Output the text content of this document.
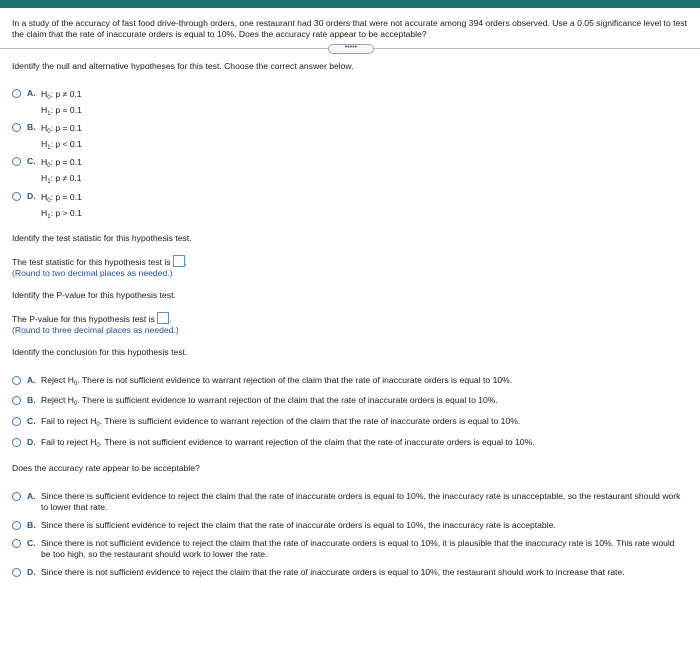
In a study of the accuracy of fast food drive-through orders, one restaurant had 30 orders that were not accurate among 394 orders observed. Use a 0.05 significance level to test the claim that the rate of inaccurate orders is equal to 10%. Does the accuracy rate appear to be acceptable?
•••••
Identify the null and alternative hypotheses for this test. Choose the correct answer below.
A. $H_0$: p ≠ 0.1
$H_1$: p = 0.1
B. $H_0$: p = 0.1
$H_1$: p < 0.1
C. $H_0$: p = 0.1
$H_1$: p ≠ 0.1
D. $H_0$: p = 0.1
$H_1$: p > 0.1
Identify the test statistic for this hypothesis test.
The test statistic for this hypothesis test is .
(Round to two decimal places as needed.)
Identify the P-value for this hypothesis test.
The P-value for this hypothesis test is .
(Round to three decimal places as needed.)
Identify the conclusion for this hypothesis test.
A. Reject $H_0$. There is not sufficient evidence to warrant rejection of the claim that the rate of inaccurate orders is equal to 10%.
B. Reject $H_0$. There is sufficient evidence to warrant rejection of the claim that the rate of inaccurate orders is equal to 10%.
C. Fail to reject $H_0$. There is sufficient evidence to warrant rejection of the claim that the rate of inaccurate orders is equal to 10%.
D. Fail to reject $H_0$. There is not sufficient evidence to warrant rejection of the claim that the rate of inaccurate orders is equal to 10%.
Does the accuracy rate appear to be acceptable?
A. Since there is sufficient evidence to reject the claim that the rate of inaccurate orders is equal to 10%, the inaccuracy rate is unacceptable, so the restaurant should work to lower that rate.
B. Since there is sufficient evidence to reject the claim that the rate of inaccurate orders is equal to 10%, the inaccuracy rate is acceptable.
C. Since there is not sufficient evidence to reject the claim that the rate of inaccurate orders is equal to 10%, it is plausible that the inaccuracy rate is 10%. This rate would be too high, so the restaurant should work to lower the rate.
D. Since there is not sufficient evidence to reject the claim that the rate of inaccurate orders is equal to 10%, the restaurant should work to increase that rate.
